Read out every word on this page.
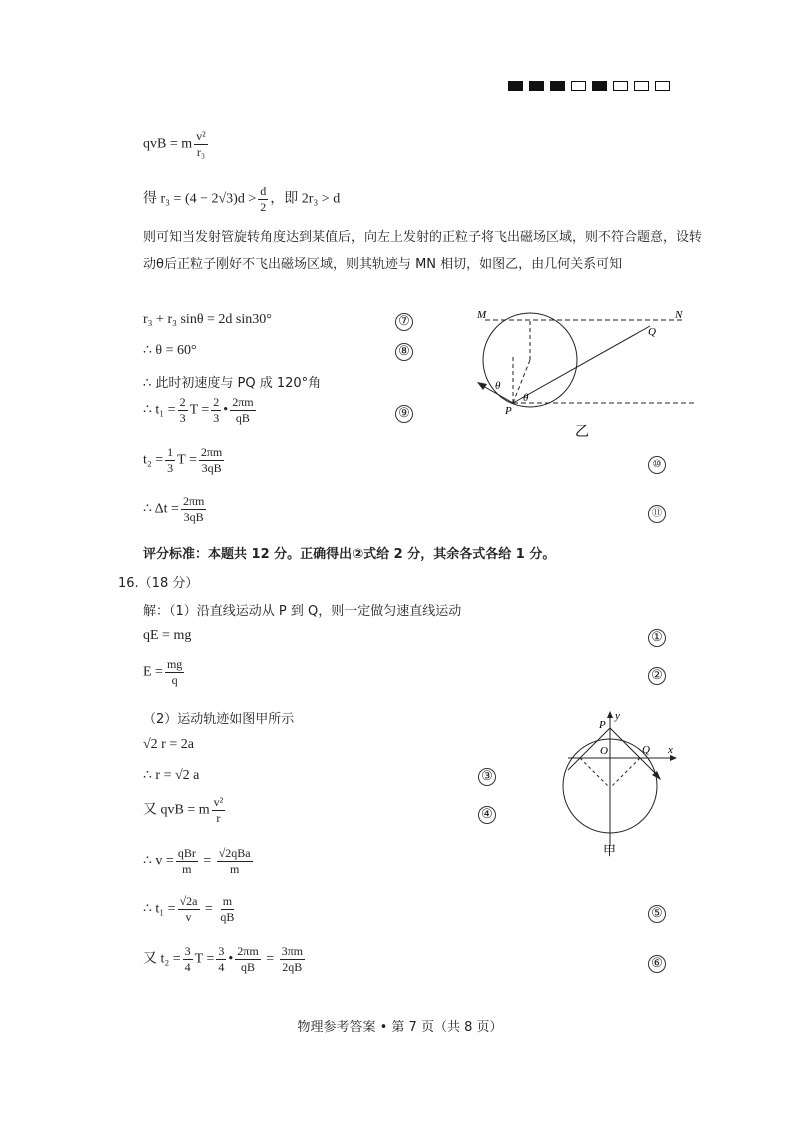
qvB = m $\frac{\text{v²}}{\text{r₃}}$
得 $r_3 = (4 - 2√3)d > \frac{d}{2}$ ，即 2r₃ > d
则可知当发射管旋转角度达到某值后，向左上发射的正粒子将飞出磁场区域，则不符合题意，设转动θ后正粒子刚好不飞出磁场区域，则其轨迹与 MN 相切，如图乙，由几何关系可知
r₃ + r₃ sinθ = 2d sin30°	⑦
∴ θ = 60°	⑧
∴ 此时初速度与 PQ 成 120°角
∴ $t_1 = \frac{2}{3}$ $T = \frac{2}{3}$ • $\frac{2\pi m}{qB}$	⑨
$t_2 = \frac{1}{3}$ $T = \frac{2\pi m}{3qB}$	⑩
∴ $\Delta t = \frac{2\pi m}{3qB}$	⑪
评分标准：本题共 12 分。正确得出②式给 2 分，其余各式各给 1 分。
M	N
Q
P
θ
θ
乙
16.（18 分）
解：（1）沿直线运动从 P 到 Q，则一定做匀速直线运动
qE = mg	①
$E = \frac{mg}{q}$	②
（2）运动轨迹如图甲所示
√2 r = 2a
∴ r = √2 a	③
又 qvB = m $\frac{\text{v²}}{r}$	④
∴ $v = \frac{\text{qBr}}{m} = \frac{\text{√2qBa}}{m}$
∴ $t_1 = \frac{√2a}{v} = \frac{m}{qB}$	⑤
又 $t_2 = \frac{3}{4}$ $T = \frac{3}{4}$ • $\frac{2\pi m}{qB} = \frac{3\pi m}{2qB}$	⑥
P
y
O	Q x
甲
物理参考答案 • 第 7 页（共 8 页）
